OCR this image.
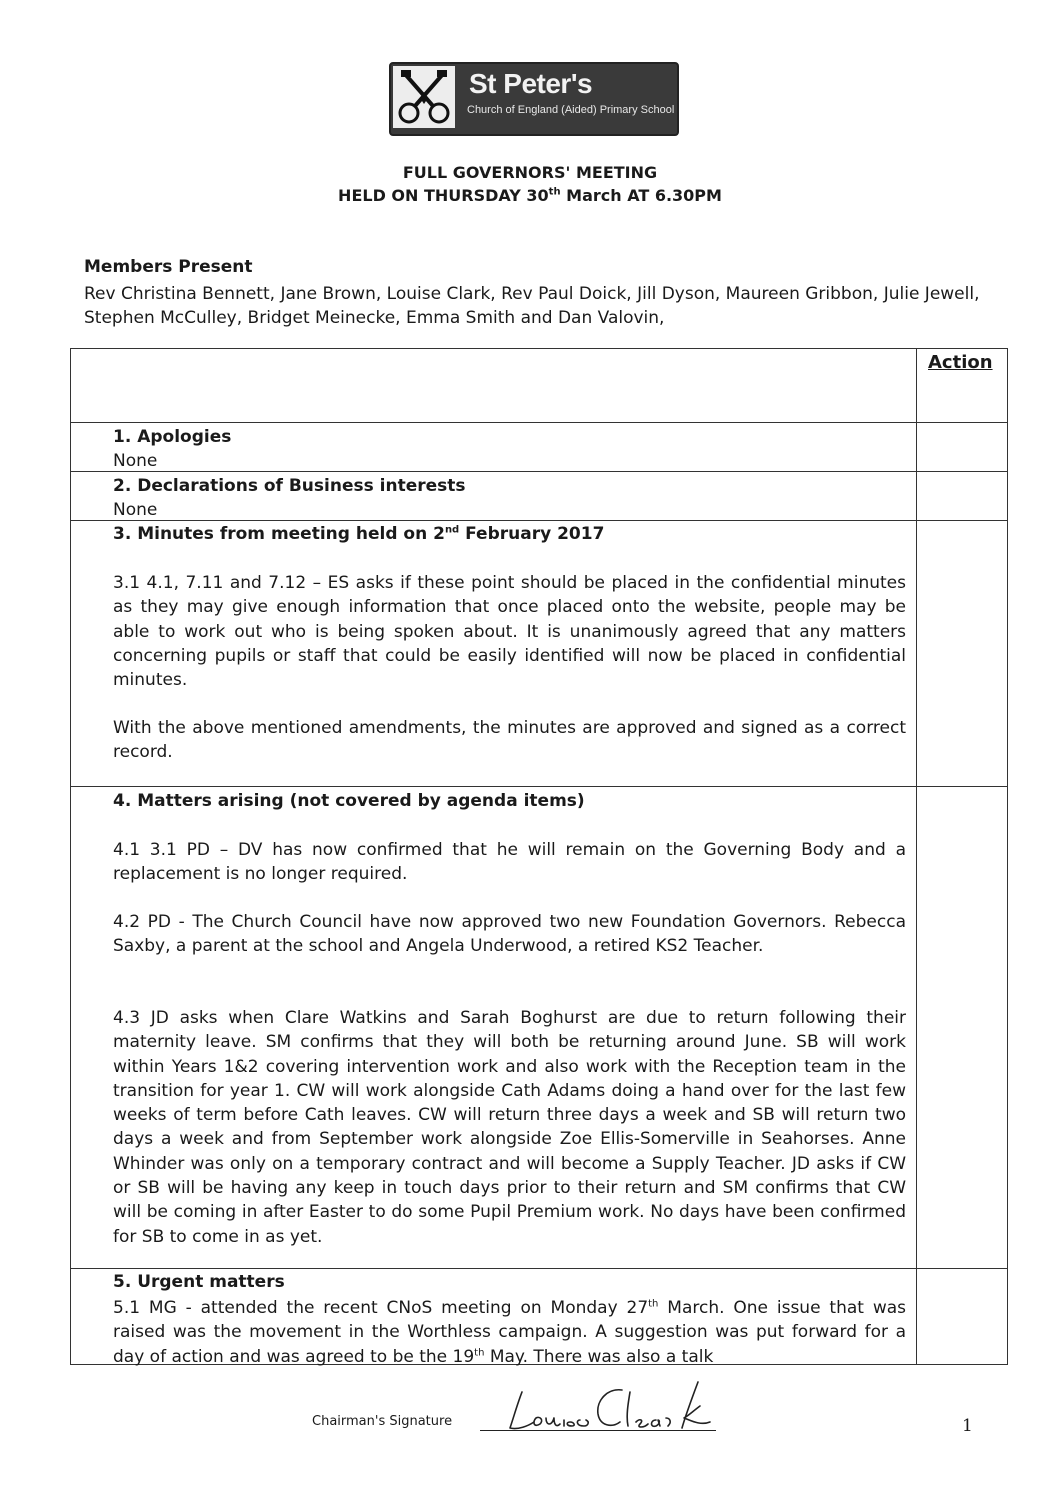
St Peter's
Church of England (Aided) Primary School
FULL GOVERNORS' MEETING
HELD ON THURSDAY 30th March AT 6.30PM
Members Present
Rev Christina Bennett, Jane Brown, Louise Clark, Rev Paul Doick, Jill Dyson, Maureen Gribbon, Julie Jewell, Stephen McCulley, Bridget Meinecke, Emma Smith and Dan Valovin,
Action
1. Apologies
None
2. Declarations of Business interests
None
3. Minutes from meeting held on 2nd February 2017
3.1 4.1, 7.11 and 7.12 – ES asks if these point should be placed in the confidential minutes as they may give enough information that once placed onto the website, people may be able to work out who is being spoken about. It is unanimously agreed that any matters concerning pupils or staff that could be easily identified will now be placed in confidential minutes.
With the above mentioned amendments, the minutes are approved and signed as a correct record.
4. Matters arising (not covered by agenda items)
4.1 3.1 PD – DV has now confirmed that he will remain on the Governing Body and a replacement is no longer required.
4.2 PD - The Church Council have now approved two new Foundation Governors. Rebecca Saxby, a parent at the school and Angela Underwood, a retired KS2 Teacher.
4.3 JD asks when Clare Watkins and Sarah Boghurst are due to return following their maternity leave. SM confirms that they will both be returning around June. SB will work within Years 1&2 covering intervention work and also work with the Reception team in the transition for year 1. CW will work alongside Cath Adams doing a hand over for the last few weeks of term before Cath leaves. CW will return three days a week and SB will return two days a week and from September work alongside Zoe Ellis-Somerville in Seahorses. Anne Whinder was only on a temporary contract and will become a Supply Teacher. JD asks if CW or SB will be having any keep in touch days prior to their return and SM confirms that CW will be coming in after Easter to do some Pupil Premium work. No days have been confirmed for SB to come in as yet.
5. Urgent matters
5.1 MG - attended the recent CNoS meeting on Monday 27th March. One issue that was raised was the movement in the Worthless campaign. A suggestion was put forward for a day of action and was agreed to be the 19th May. There was also a talk
Chairman's Signature	1
